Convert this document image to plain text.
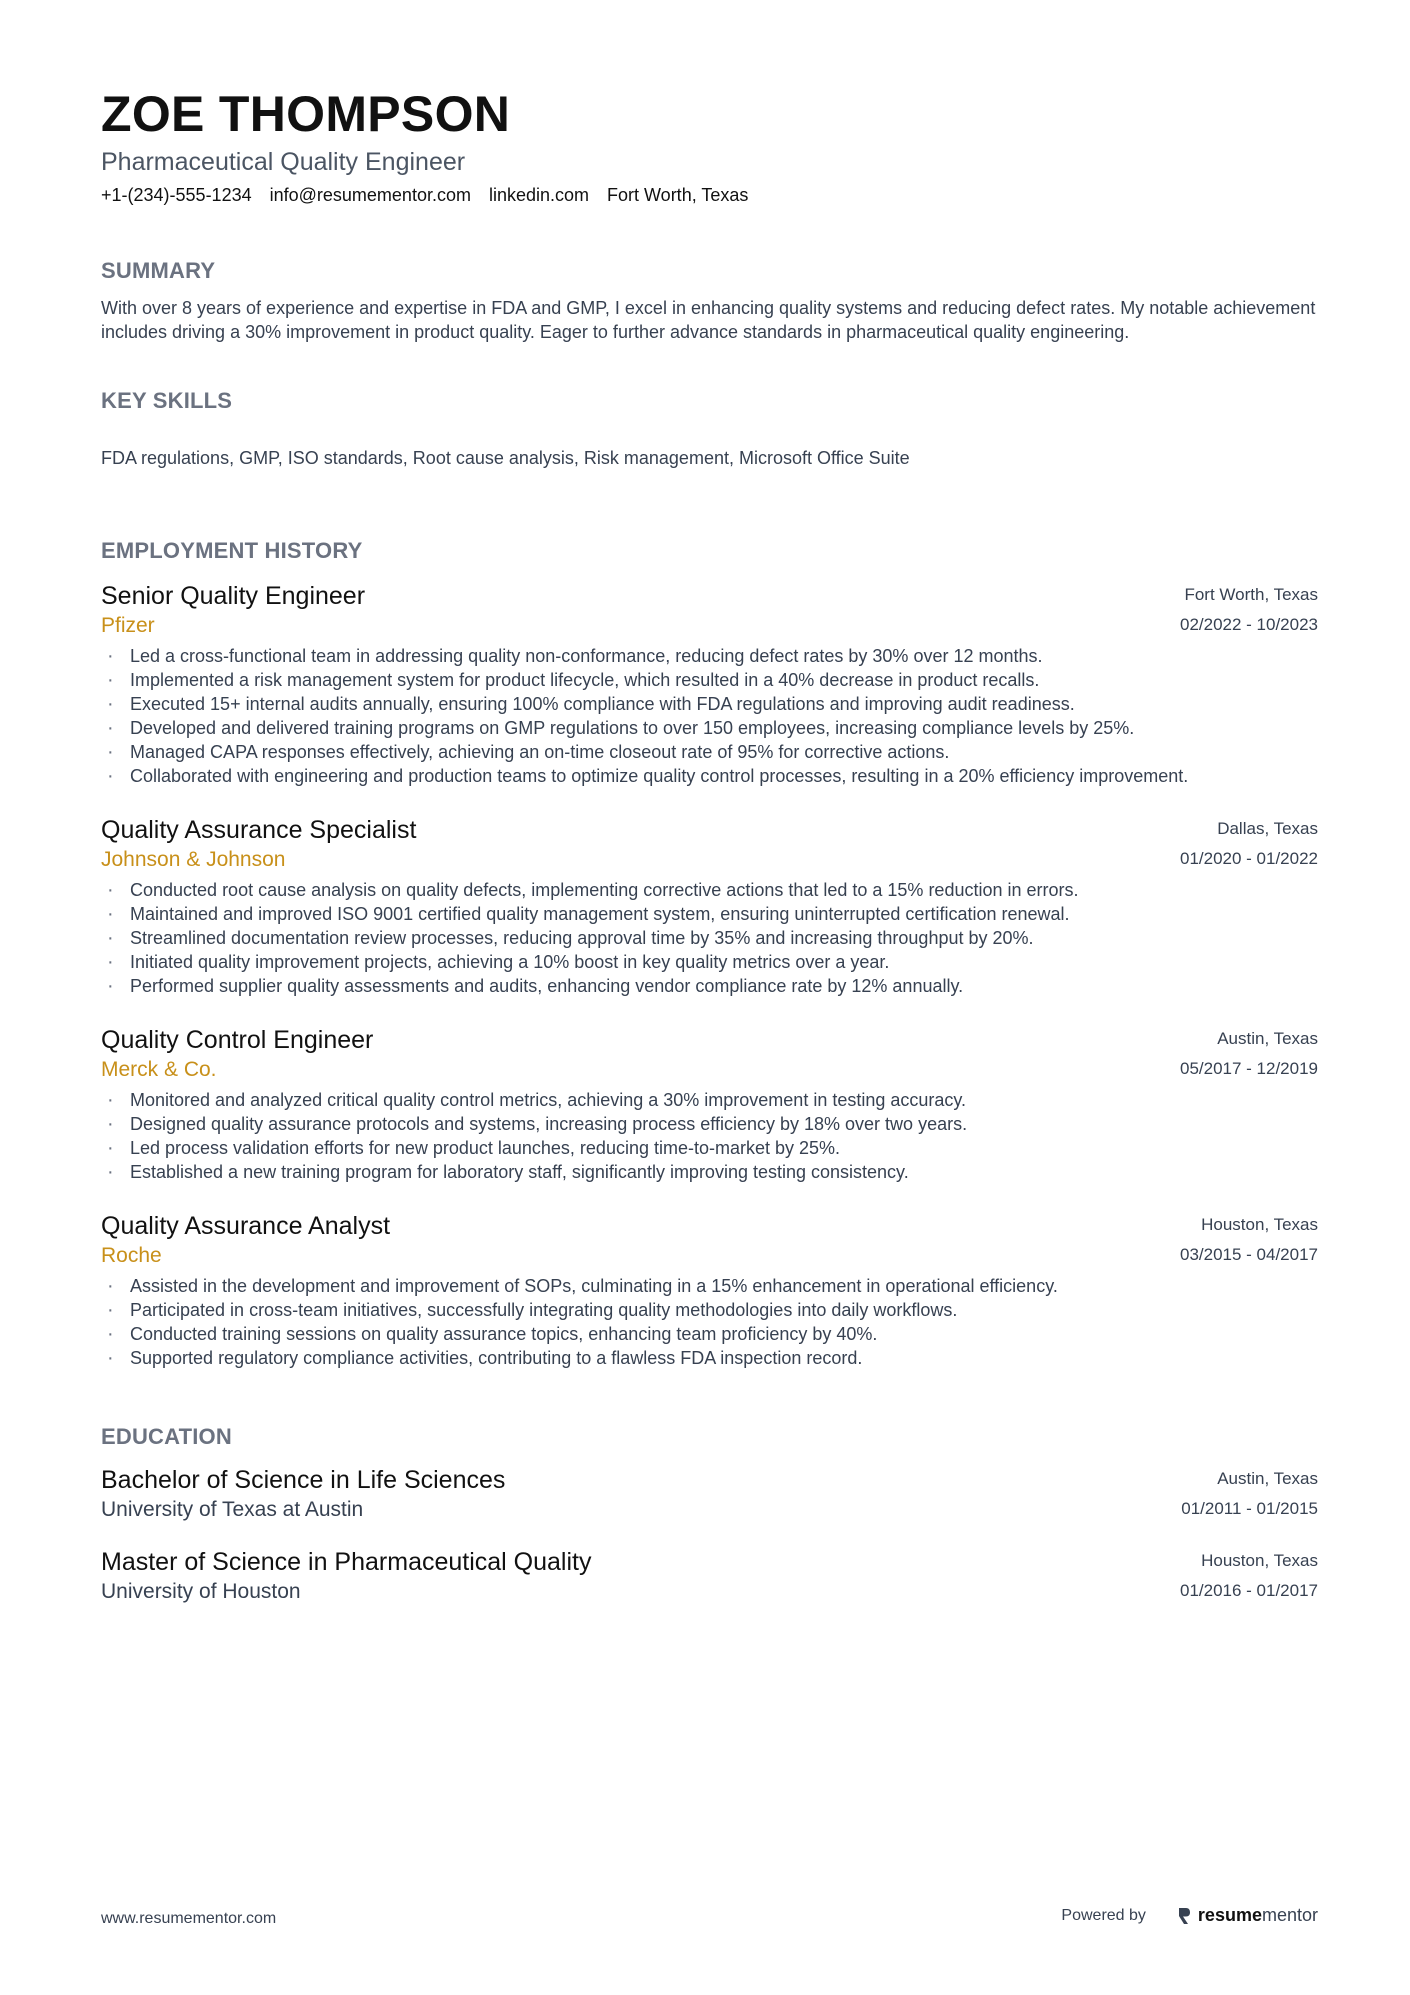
ZOE THOMPSON
Pharmaceutical Quality Engineer
+1-(234)-555-1234 info@resumementor.com linkedin.com Fort Worth, Texas
SUMMARY
With over 8 years of experience and expertise in FDA and GMP, I excel in enhancing quality systems and reducing defect rates. My notable achievement includes driving a 30% improvement in product quality. Eager to further advance standards in pharmaceutical quality engineering.
KEY SKILLS
FDA regulations, GMP, ISO standards, Root cause analysis, Risk management, Microsoft Office Suite
EMPLOYMENT HISTORY
Senior Quality Engineer
Pfizer
Fort Worth, Texas
02/2022 - 10/2023
· Led a cross-functional team in addressing quality non-conformance, reducing defect rates by 30% over 12 months.
· Implemented a risk management system for product lifecycle, which resulted in a 40% decrease in product recalls.
· Executed 15+ internal audits annually, ensuring 100% compliance with FDA regulations and improving audit readiness.
· Developed and delivered training programs on GMP regulations to over 150 employees, increasing compliance levels by 25%.
· Managed CAPA responses effectively, achieving an on-time closeout rate of 95% for corrective actions.
· Collaborated with engineering and production teams to optimize quality control processes, resulting in a 20% efficiency improvement.
Quality Assurance Specialist
Johnson & Johnson
Dallas, Texas
01/2020 - 01/2022
· Conducted root cause analysis on quality defects, implementing corrective actions that led to a 15% reduction in errors.
· Maintained and improved ISO 9001 certified quality management system, ensuring uninterrupted certification renewal.
· Streamlined documentation review processes, reducing approval time by 35% and increasing throughput by 20%.
· Initiated quality improvement projects, achieving a 10% boost in key quality metrics over a year.
· Performed supplier quality assessments and audits, enhancing vendor compliance rate by 12% annually.
Quality Control Engineer
Merck & Co.
Austin, Texas
05/2017 - 12/2019
· Monitored and analyzed critical quality control metrics, achieving a 30% improvement in testing accuracy.
· Designed quality assurance protocols and systems, increasing process efficiency by 18% over two years.
· Led process validation efforts for new product launches, reducing time-to-market by 25%.
· Established a new training program for laboratory staff, significantly improving testing consistency.
Quality Assurance Analyst
Roche
Houston, Texas
03/2015 - 04/2017
· Assisted in the development and improvement of SOPs, culminating in a 15% enhancement in operational efficiency.
· Participated in cross-team initiatives, successfully integrating quality methodologies into daily workflows.
· Conducted training sessions on quality assurance topics, enhancing team proficiency by 40%.
· Supported regulatory compliance activities, contributing to a flawless FDA inspection record.
EDUCATION
Bachelor of Science in Life Sciences
University of Texas at Austin
Austin, Texas
01/2011 - 01/2015
Master of Science in Pharmaceutical Quality
University of Houston
Houston, Texas
01/2016 - 01/2017
www.resumementor.com	Powered by	resumementor
